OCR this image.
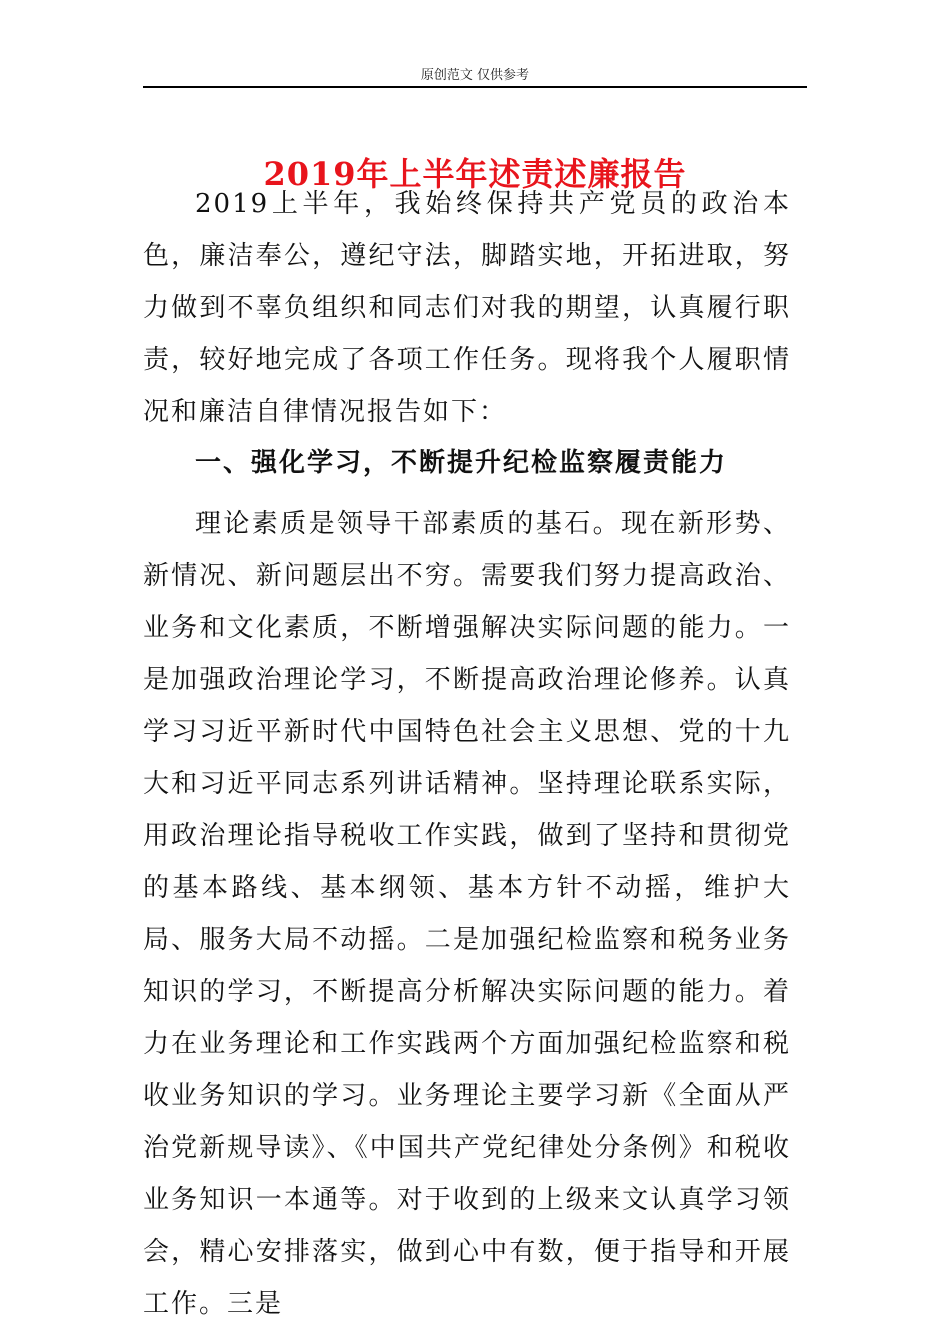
原创范文 仅供参考
2019年上半年述责述廉报告

2019上半年，我始终保持共产党员的政治本色，廉洁奉公，遵纪守法，脚踏实地，开拓进取，努力做到不辜负组织和同志们对我的期望，认真履行职责，较好地完成了各项工作任务。现将我个人履职情况和廉洁自律情况报告如下：

一、强化学习，不断提升纪检监察履责能力

理论素质是领导干部素质的基石。现在新形势、新情况、新问题层出不穷。需要我们努力提高政治、业务和文化素质，不断增强解决实际问题的能力。一是加强政治理论学习，不断提高政治理论修养。认真学习习近平新时代中国特色社会主义思想、党的十九大和习近平同志系列讲话精神。坚持理论联系实际，用政治理论指导税收工作实践，做到了坚持和贯彻党的基本路线、基本纲领、基本方针不动摇，维护大局、服务大局不动摇。二是加强纪检监察和税务业务知识的学习，不断提高分析解决实际问题的能力。着力在业务理论和工作实践两个方面加强纪检监察和税收业务知识的学习。业务理论主要学习新《全面从严治党新规导读》、《中国共产党纪律处分条例》和税收业务知识一本通等。对于收到的上级来文认真学习领会，精心安排落实，做到心中有数，便于指导和开展工作。三是
